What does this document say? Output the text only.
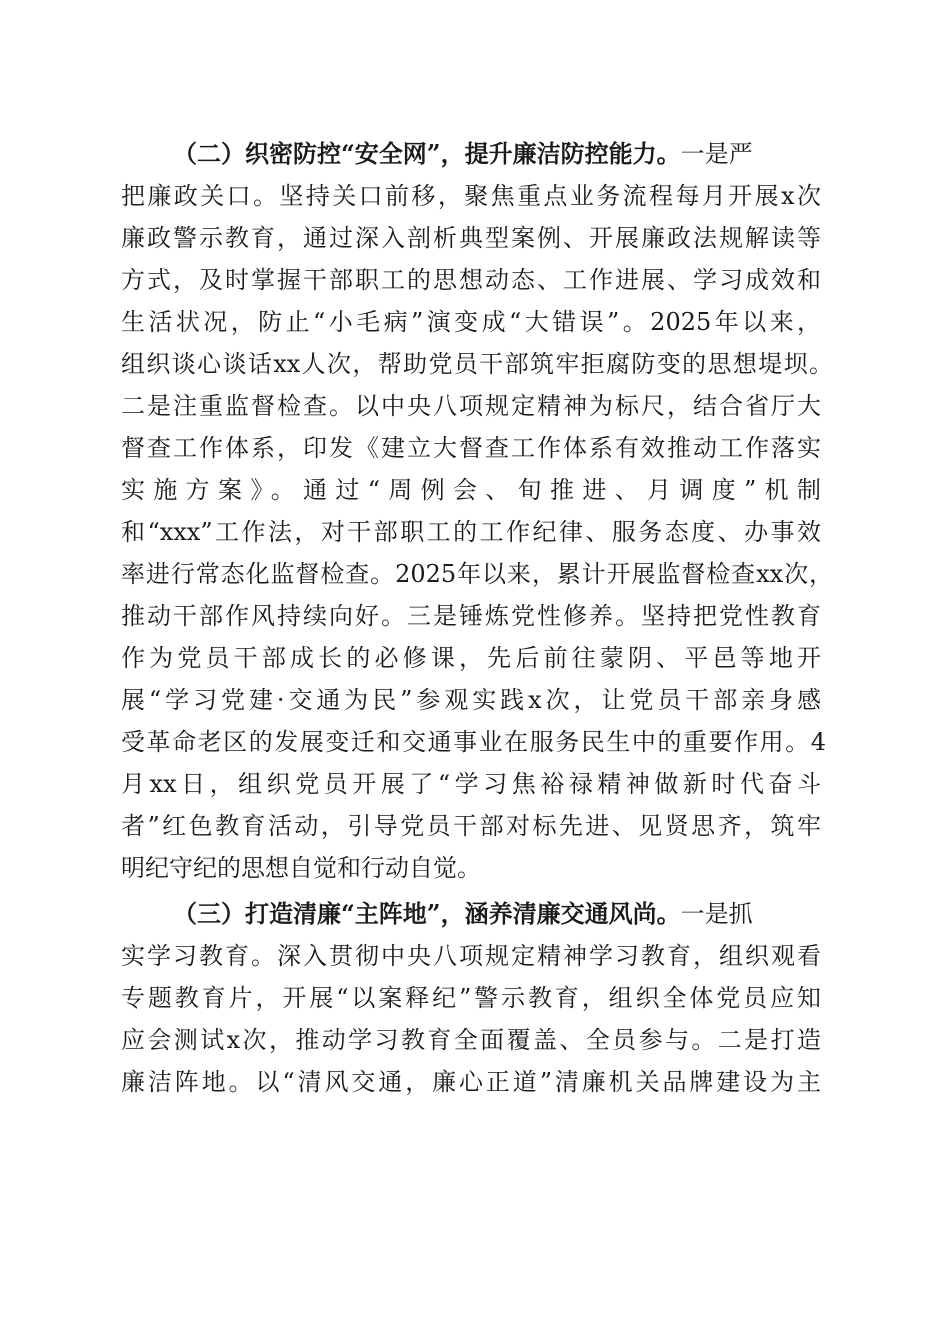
（二）织密防控“安全网”，提升廉洁防控能力。一是严
把廉政关口。坚持关口前移，聚焦重点业务流程每月开展x次
廉政警示教育，通过深入剖析典型案例、开展廉政法规解读等
方式，及时掌握干部职工的思想动态、工作进展、学习成效和
生活状况，防止“小毛病”演变成“大错误”。2025年以来，
组织谈心谈话xx人次，帮助党员干部筑牢拒腐防变的思想堤坝。
二是注重监督检查。以中央八项规定精神为标尺，结合省厅大
督查工作体系，印发《建立大督查工作体系有效推动工作落实
实施方案》。通过“周例会、旬推进、月调度”机制
和“xxx”工作法，对干部职工的工作纪律、服务态度、办事效
率进行常态化监督检查。2025年以来，累计开展监督检查xx次，
推动干部作风持续向好。三是锤炼党性修养。坚持把党性教育
作为党员干部成长的必修课，先后前往蒙阴、平邑等地开
展“学习党建·交通为民”参观实践x次，让党员干部亲身感
受革命老区的发展变迁和交通事业在服务民生中的重要作用。4
月xx日，组织党员开展了“学习焦裕禄精神做新时代奋斗
者”红色教育活动，引导党员干部对标先进、见贤思齐，筑牢
明纪守纪的思想自觉和行动自觉。
（三）打造清廉“主阵地”，涵养清廉交通风尚。一是抓
实学习教育。深入贯彻中央八项规定精神学习教育，组织观看
专题教育片，开展“以案释纪”警示教育，组织全体党员应知
应会测试x次，推动学习教育全面覆盖、全员参与。二是打造
廉洁阵地。以“清风交通，廉心正道”清廉机关品牌建设为主
